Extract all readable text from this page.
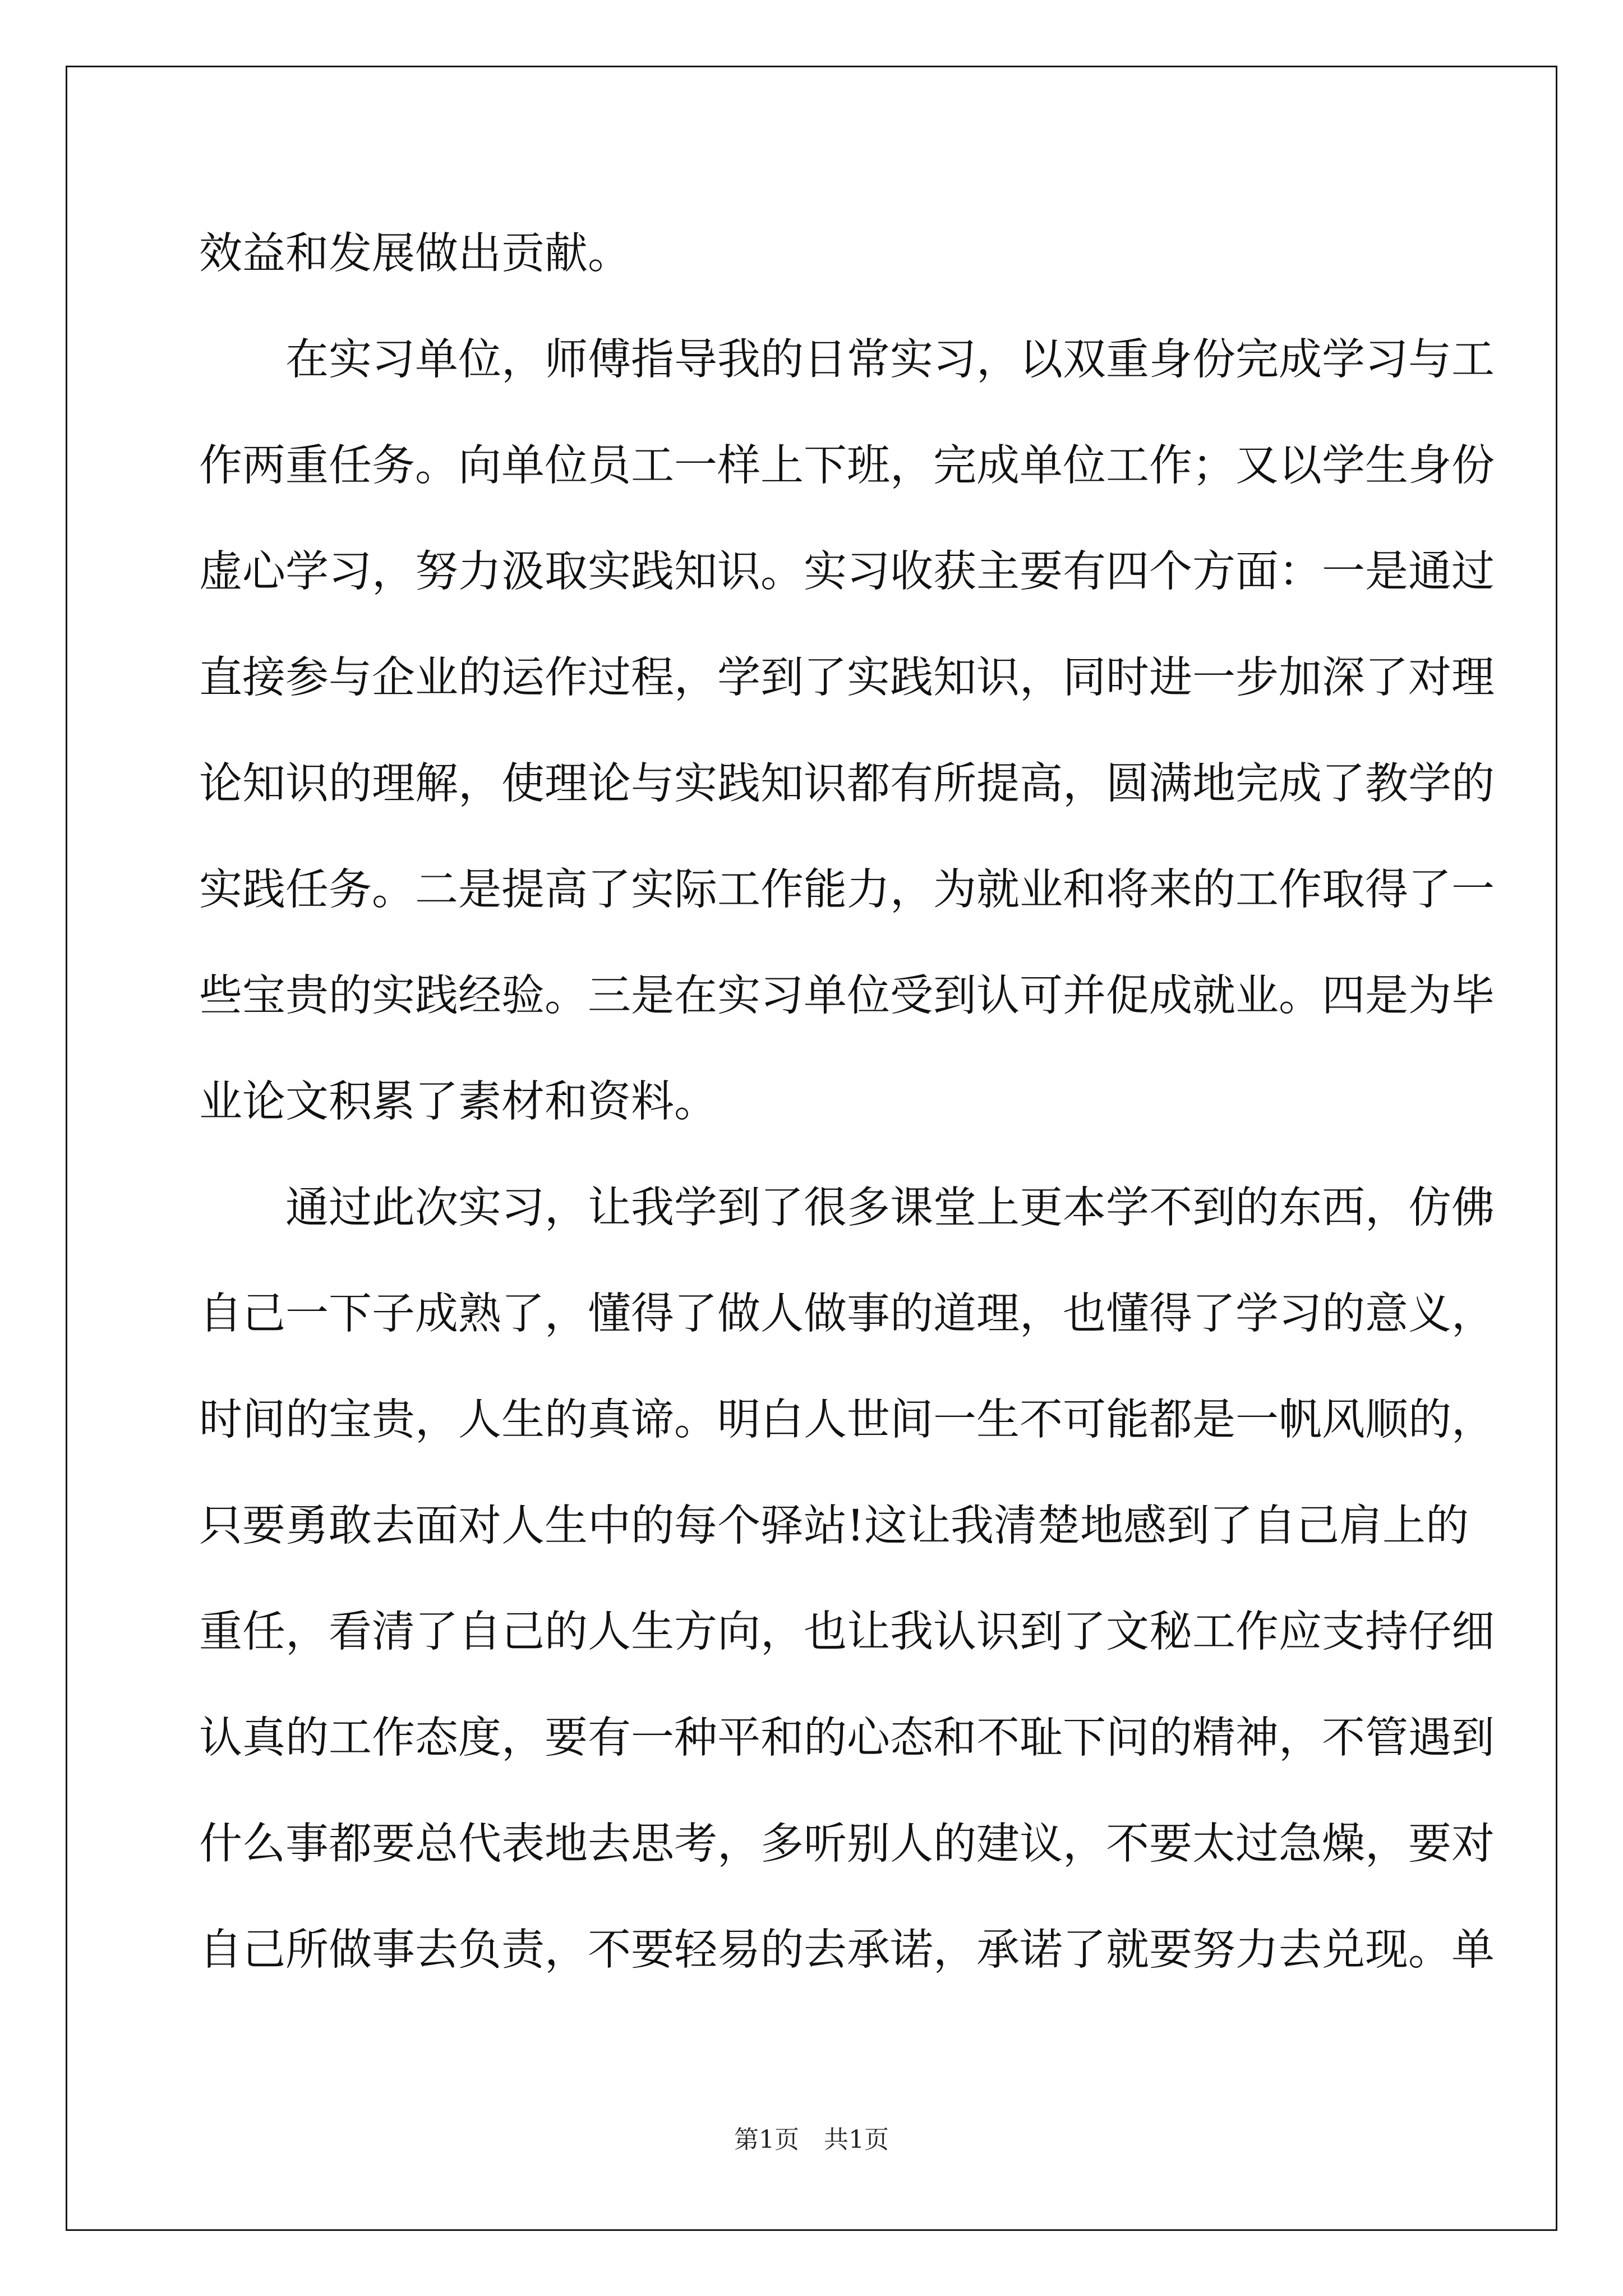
效益和发展做出贡献。
在实习单位，师傅指导我的日常实习，以双重身份完成学习与工
作两重任务。向单位员工一样上下班，完成单位工作；又以学生身份
虚心学习，努力汲取实践知识。实习收获主要有四个方面：一是通过
直接参与企业的运作过程，学到了实践知识，同时进一步加深了对理
论知识的理解，使理论与实践知识都有所提高，圆满地完成了教学的
实践任务。二是提高了实际工作能力，为就业和将来的工作取得了一
些宝贵的实践经验。三是在实习单位受到认可并促成就业。四是为毕
业论文积累了素材和资料。
通过此次实习，让我学到了很多课堂上更本学不到的东西，仿佛
自己一下子成熟了，懂得了做人做事的道理，也懂得了学习的意义，
时间的宝贵，人生的真谛。明白人世间一生不可能都是一帆风顺的，
只要勇敢去面对人生中的每个驿站!这让我清楚地感到了自己肩上的
重任，看清了自己的人生方向，也让我认识到了文秘工作应支持仔细
认真的工作态度，要有一种平和的心态和不耻下问的精神，不管遇到
什么事都要总代表地去思考，多听别人的建议，不要太过急燥，要对
自己所做事去负责，不要轻易的去承诺，承诺了就要努力去兑现。单
第1页　共1页
